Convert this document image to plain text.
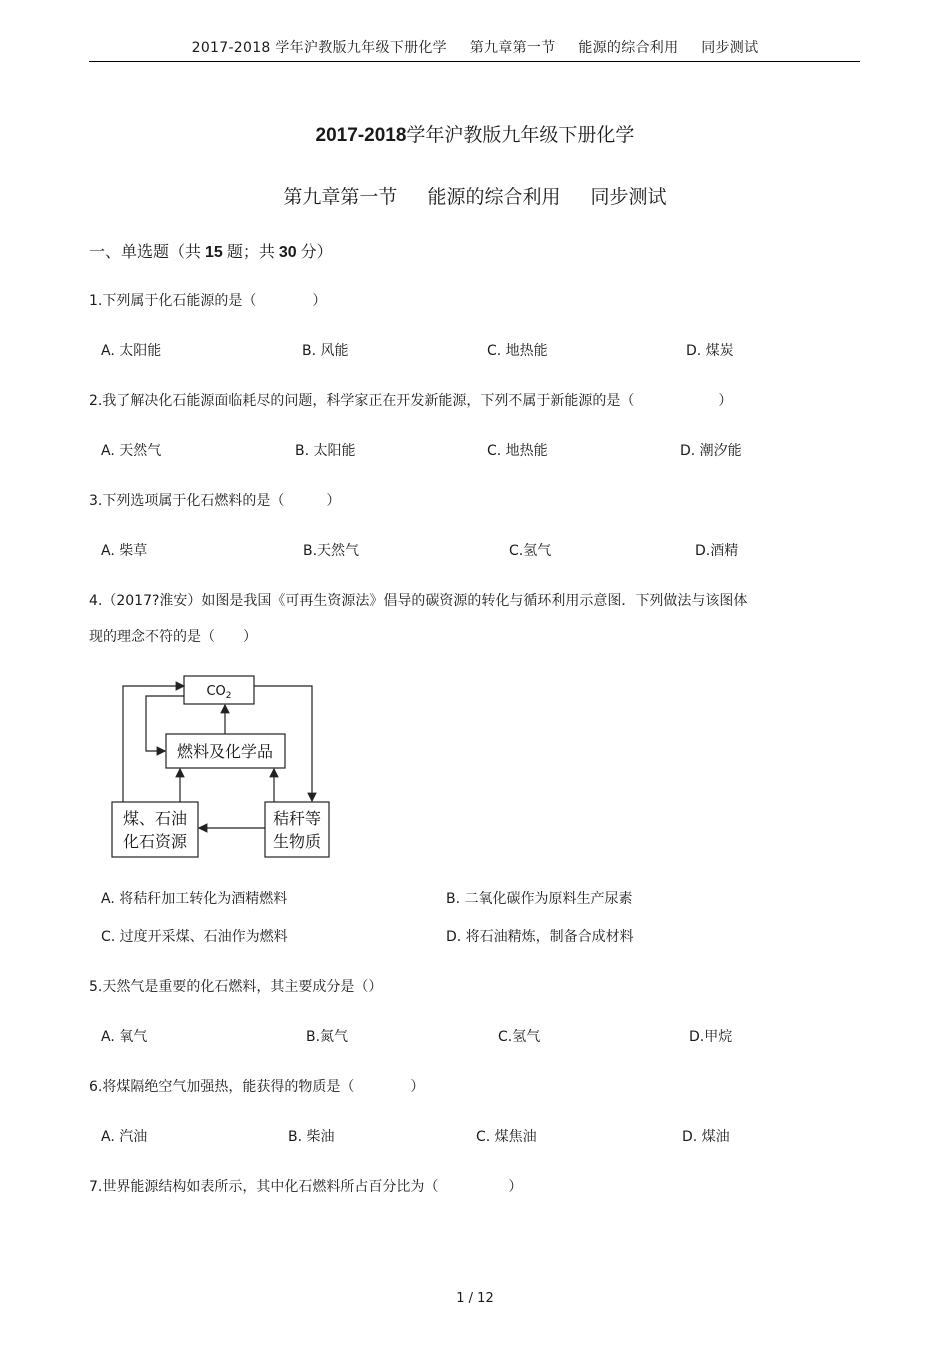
2017-2018 学年沪教版九年级下册化学 第九章第一节 能源的综合利用 同步测试
2017-2018学年沪教版九年级下册化学
第九章第一节 能源的综合利用 同步测试
一、单选题（共 15 题；共 30 分）
1.下列属于化石能源的是（　　　　）
A. 太阳能	B. 风能	C. 地热能	D. 煤炭
2.我了解决化石能源面临耗尽的问题，科学家正在开发新能源，下列不属于新能源的是（　　　　　　）
A. 天然气	B. 太阳能	C. 地热能	D. 潮汐能
3.下列选项属于化石燃料的是（　　　）
A. 柴草	B.天然气	C.氢气	D.酒精
4.（2017?淮安）如图是我国《可再生资源法》倡导的碳资源的转化与循环利用示意图．下列做法与该图体
现的理念不符的是（　　）
$CO_2$
燃料及化学品
煤、石油
化石资源
秸秆等
生物质
A. 将秸秆加工转化为酒精燃料	B. 二氧化碳作为原料生产尿素
C. 过度开采煤、石油作为燃料	D. 将石油精炼，制备合成材料
5.天然气是重要的化石燃料，其主要成分是（）
A. 氧气	B.氮气	C.氢气	D.甲烷
6.将煤隔绝空气加强热，能获得的物质是（　　　　）
A. 汽油	B. 柴油	C. 煤焦油	D. 煤油
7.世界能源结构如表所示，其中化石燃料所占百分比为（　　　　　）
1 / 12
